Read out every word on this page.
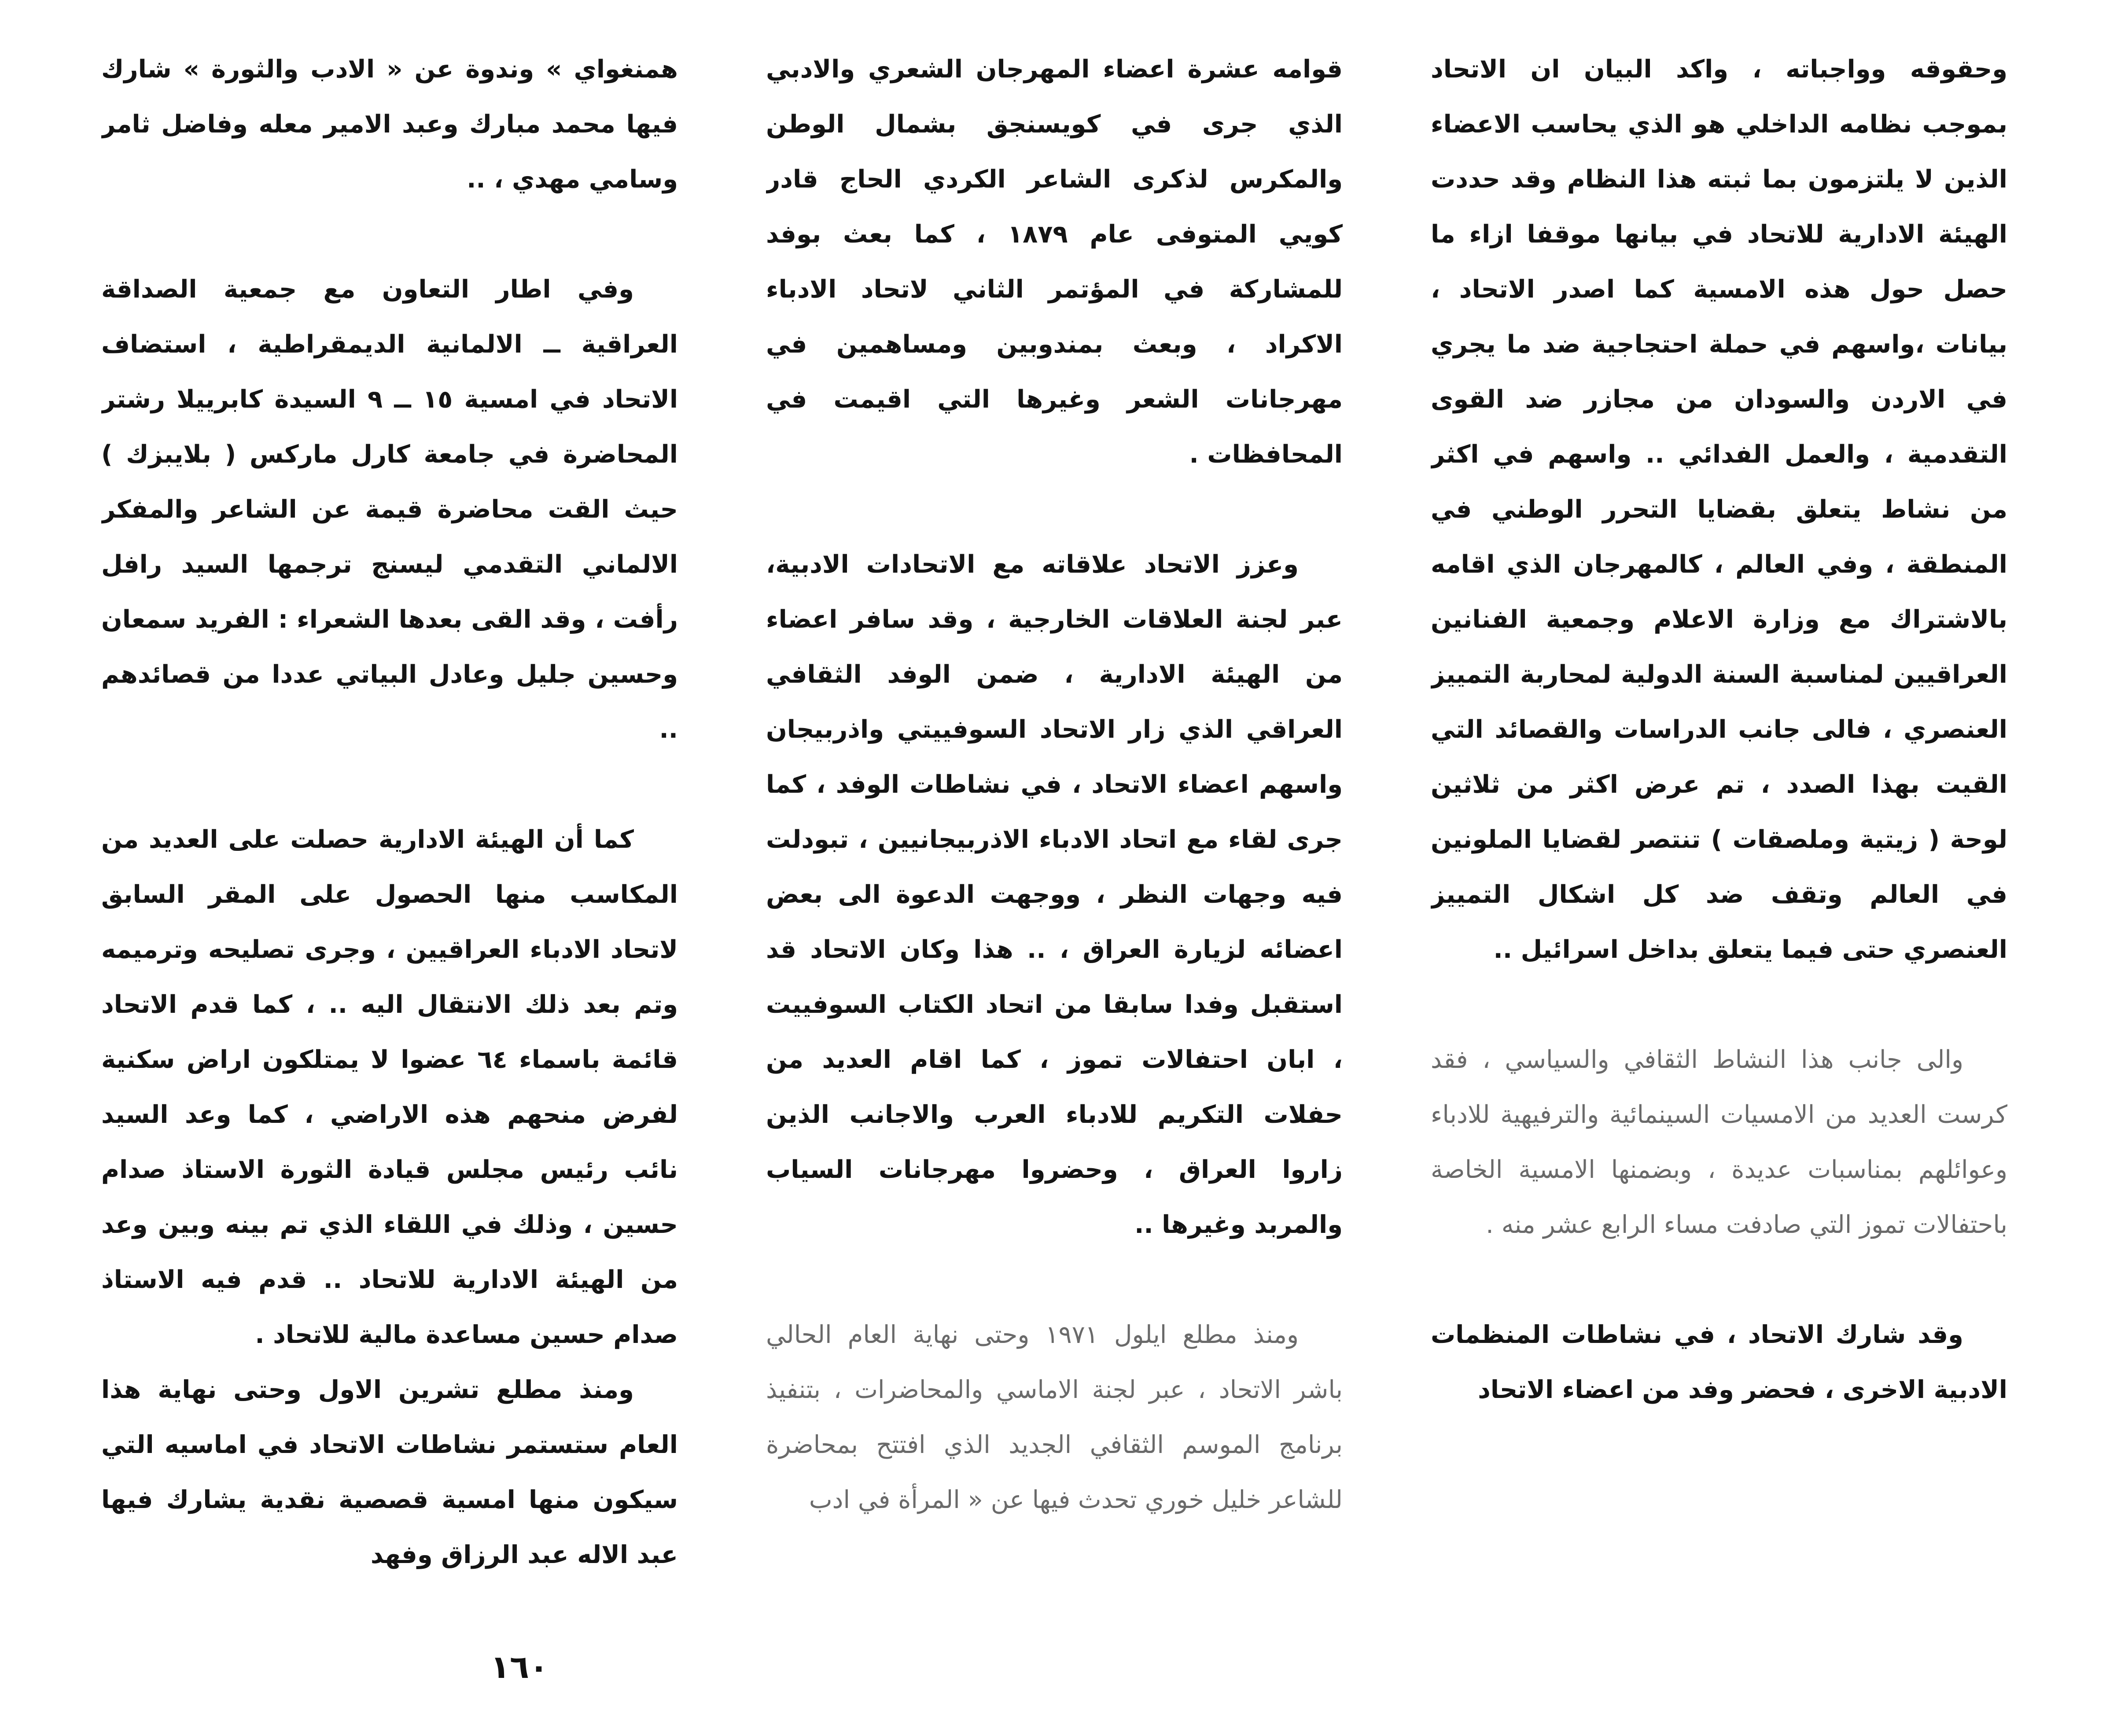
وحقوقه وواجباته ، واكد البيان ان الاتحاد بموجب نظامه الداخلي هو الذي يحاسب الاعضاء الذين لا يلتزمون بما ثبته هذا النظام وقد حددت الهيئة الادارية للاتحاد في بيانها موقفا ازاء ما حصل حول هذه الامسية كما اصدر الاتحاد ، بيانات ،واسهم في حملة احتجاجية ضد ما يجري في الاردن والسودان من مجازر ضد القوى التقدمية ، والعمل الفدائي .. واسهم في اكثر من نشاط يتعلق بقضايا التحرر الوطني في المنطقة ، وفي العالم ، كالمهرجان الذي اقامه بالاشتراك مع وزارة الاعلام وجمعية الفنانين العراقيين لمناسبة السنة الدولية لمحاربة التمييز العنصري ، فالى جانب الدراسات والقصائد التي القيت بهذا الصدد ، تم عرض اكثر من ثلاثين لوحة ( زيتية وملصقات ) تنتصر لقضايا الملونين في العالم وتقف ضد كل اشكال التمييز العنصري حتى فيما يتعلق بداخل اسرائيل ..

والى جانب هذا النشاط الثقافي والسياسي ، فقد كرست العديد من الامسيات السينمائية والترفيهية للادباء وعوائلهم بمناسبات عديدة ، وبضمنها الامسية الخاصة باحتفالات تموز التي صادفت مساء الرابع عشر منه .

وقد شارك الاتحاد ، في نشاطات المنظمات الادبية الاخرى ، فحضر وفد من اعضاء الاتحاد

قوامه عشرة اعضاء المهرجان الشعري والادبي الذي جرى في كويسنجق بشمال الوطن والمكرس لذكرى الشاعر الكردي الحاج قادر كويي المتوفى عام ١٨٧٩ ، كما بعث بوفد للمشاركة في المؤتمر الثاني لاتحاد الادباء الاكراد ، وبعث بمندوبين ومساهمين في مهرجانات الشعر وغيرها التي اقيمت في المحافظات .

وعزز الاتحاد علاقاته مع الاتحادات الادبية، عبر لجنة العلاقات الخارجية ، وقد سافر اعضاء من الهيئة الادارية ، ضمن الوفد الثقافي العراقي الذي زار الاتحاد السوفييتي واذربيجان واسهم اعضاء الاتحاد ، في نشاطات الوفد ، كما جرى لقاء مع اتحاد الادباء الاذربيجانيين ، تبودلت فيه وجهات النظر ، ووجهت الدعوة الى بعض اعضائه لزيارة العراق ، .. هذا وكان الاتحاد قد استقبل وفدا سابقا من اتحاد الكتاب السوفييت ، ابان احتفالات تموز ، كما اقام العديد من حفلات التكريم للادباء العرب والاجانب الذين زاروا العراق ، وحضروا مهرجانات السياب والمربد وغيرها ..

ومنذ مطلع ايلول ١٩٧١ وحتى نهاية العام الحالي باشر الاتحاد ، عبر لجنة الاماسي والمحاضرات ، بتنفيذ برنامج الموسم الثقافي الجديد الذي افتتح بمحاضرة للشاعر خليل خوري تحدث فيها عن « المرأة في ادب

همنغواي » وندوة عن « الادب والثورة » شارك فيها محمد مبارك وعبد الامير معله وفاضل ثامر وسامي مهدي ، ..

وفي اطار التعاون مع جمعية الصداقة العراقية ــ الالمانية الديمقراطية ، استضاف الاتحاد في امسية ١٥ ــ ٩ السيدة كابرييلا رشتر المحاضرة في جامعة كارل ماركس ( بلايبزك ) حيث القت محاضرة قيمة عن الشاعر والمفكر الالماني التقدمي ليسنج ترجمها السيد رافل رأفت ، وقد القى بعدها الشعراء : الفريد سمعان وحسين جليل وعادل البياتي عددا من قصائدهم ..

كما أن الهيئة الادارية حصلت على العديد من المكاسب منها الحصول على المقر السابق لاتحاد الادباء العراقيين ، وجرى تصليحه وترميمه وتم بعد ذلك الانتقال اليه .. ، كما قدم الاتحاد قائمة باسماء ٦٤ عضوا لا يمتلكون اراض سكنية لفرض منحهم هذه الاراضي ، كما وعد السيد نائب رئيس مجلس قيادة الثورة الاستاذ صدام حسين ، وذلك في اللقاء الذي تم بينه وبين وعد من الهيئة الادارية للاتحاد .. قدم فيه الاستاذ صدام حسين مساعدة مالية للاتحاد .

ومنذ مطلع تشرين الاول وحتى نهاية هذا العام ستستمر نشاطات الاتحاد في اماسيه التي سيكون منها امسية قصصية نقدية يشارك فيها عبد الاله عبد الرزاق وفهد

١٦٠
